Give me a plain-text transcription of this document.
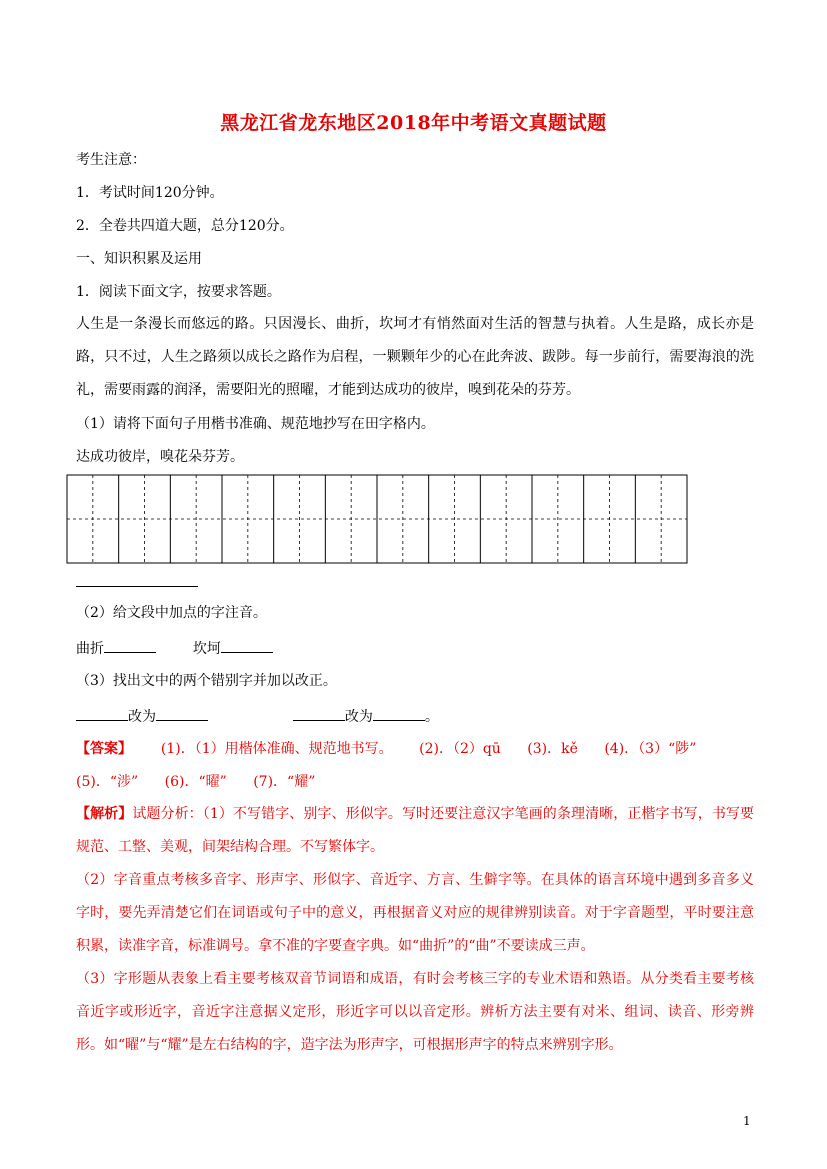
黑龙江省龙东地区2018年中考语文真题试题
考生注意：
1．考试时间120分钟。
2．全卷共四道大题，总分120分。
一、知识积累及运用
1．阅读下面文字，按要求答题。
人生是一条漫长而悠远的路。只因漫长、曲折，坎坷才有悄然面对生活的智慧与执着。人生是路，成长亦是路，只不过，人生之路须以成长之路作为启程，一颗颗年少的心在此奔波、跋陟。每一步前行，需要海浪的洗礼，需要雨露的润泽，需要阳光的照曜，才能到达成功的彼岸，嗅到花朵的芬芳。
（1）请将下面句子用楷书准确、规范地抄写在田字格内。
达成功彼岸，嗅花朵芬芳。
（2）给文段中加点的字注音。
曲折	坎坷
（3）找出文中的两个错别字并加以改正。
改为	改为	。
【答案】 (1)．（1）用楷体准确、规范地书写。 (2)．（2）qū (3)．kě (4)．（3）“陟”
(5)．“涉” (6)．“曜” (7)．“耀”
【解析】试题分析：（1）不写错字、别字、形似字。写时还要注意汉字笔画的条理清晰，正楷字书写，书写要规范、工整、美观，间架结构合理。不写繁体字。
（2）字音重点考核多音字、形声字、形似字、音近字、方言、生僻字等。在具体的语言环境中遇到多音多义字时，要先弄清楚它们在词语或句子中的意义，再根据音义对应的规律辨别读音。对于字音题型，平时要注意积累，读准字音，标准调号。拿不准的字要查字典。如“曲折”的“曲”不要读成三声。
（3）字形题从表象上看主要考核双音节词语和成语，有时会考核三字的专业术语和熟语。从分类看主要考核音近字或形近字，音近字注意据义定形，形近字可以以音定形。辨析方法主要有对米、组词、读音、形旁辨形。如“曜”与“耀”是左右结构的字，造字法为形声字，可根据形声字的特点来辨别字形。
1
